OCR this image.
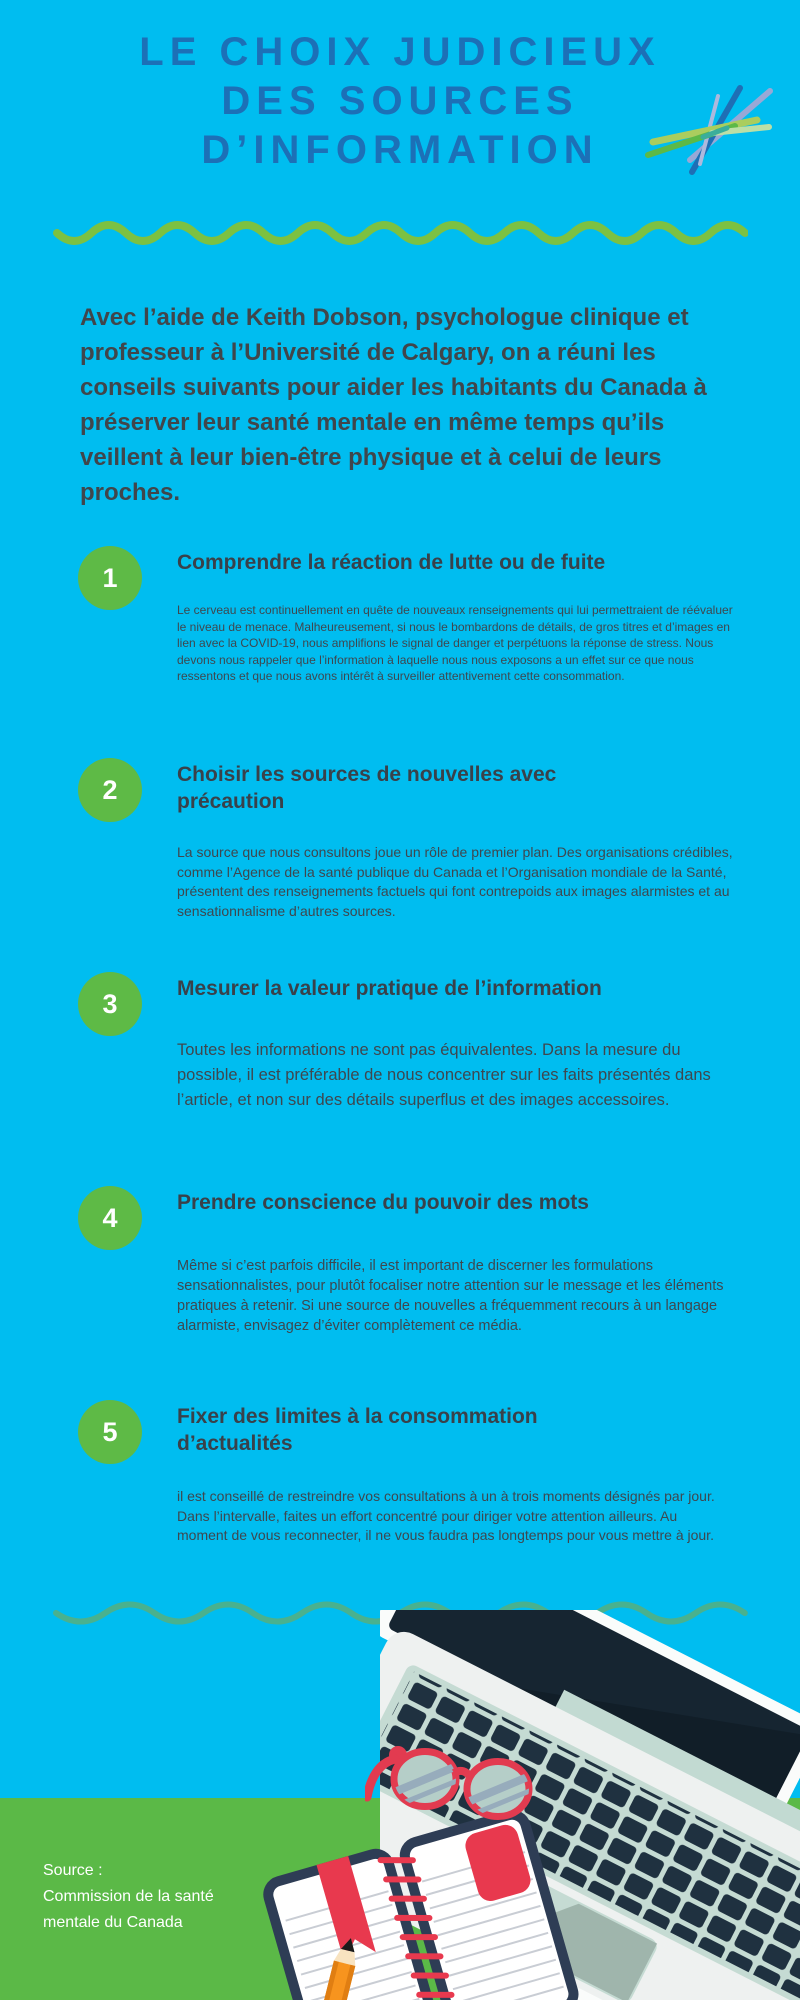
LE CHOIX JUDICIEUX
DES SOURCES
D’INFORMATION

Avec l’aide de Keith Dobson, psychologue clinique et professeur à l’Université de Calgary, on a réuni les conseils suivants pour aider les habitants du Canada à préserver leur santé mentale en même temps qu’ils veillent à leur bien-être physique et à celui de leurs proches.

1	Comprendre la réaction de lutte ou de fuite

Le cerveau est continuellement en quête de nouveaux renseignements qui lui permettraient de réévaluer le niveau de menace. Malheureusement, si nous le bombardons de détails, de gros titres et d’images en lien avec la COVID-19, nous amplifions le signal de danger et perpétuons la réponse de stress. Nous devons nous rappeler que l’information à laquelle nous nous exposons a un effet sur ce que nous ressentons et que nous avons intérêt à surveiller attentivement cette consommation.

2	Choisir les sources de nouvelles avec précaution

La source que nous consultons joue un rôle de premier plan. Des organisations crédibles, comme l’Agence de la santé publique du Canada et l’Organisation mondiale de la Santé, présentent des renseignements factuels qui font contrepoids aux images alarmistes et au sensationnalisme d’autres sources.

3	Mesurer la valeur pratique de l’information

Toutes les informations ne sont pas équivalentes. Dans la mesure du possible, il est préférable de nous concentrer sur les faits présentés dans l’article, et non sur des détails superflus et des images accessoires.

4	Prendre conscience du pouvoir des mots

Même si c’est parfois difficile, il est important de discerner les formulations sensationnalistes, pour plutôt focaliser notre attention sur le message et les éléments pratiques à retenir. Si une source de nouvelles a fréquemment recours à un langage alarmiste, envisagez d’éviter complètement ce média.

5	Fixer des limites à la consommation d’actualités

il est conseillé de restreindre vos consultations à un à trois moments désignés par jour. Dans l’intervalle, faites un effort concentré pour diriger votre attention ailleurs. Au moment de vous reconnecter, il ne vous faudra pas longtemps pour vous mettre à jour.

Source :
Commission de la santé
mentale du Canada
